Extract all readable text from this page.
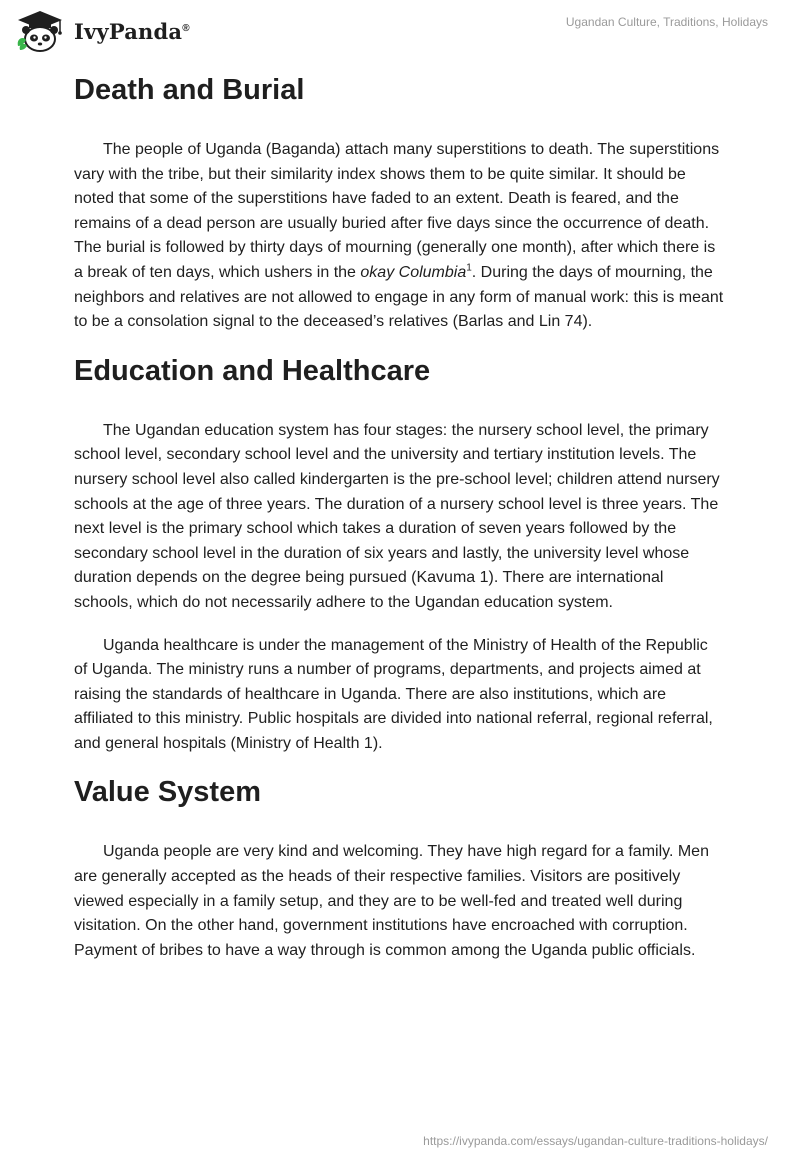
IvyPanda®	Ugandan Culture, Traditions, Holidays
Death and Burial

The people of Uganda (Baganda) attach many superstitions to death. The superstitions vary with the tribe, but their similarity index shows them to be quite similar. It should be noted that some of the superstitions have faded to an extent. Death is feared, and the remains of a dead person are usually buried after five days since the occurrence of death. The burial is followed by thirty days of mourning (generally one month), after which there is a break of ten days, which ushers in the okay Columbia$^1$. During the days of mourning, the neighbors and relatives are not allowed to engage in any form of manual work: this is meant to be a consolation signal to the deceased’s relatives (Barlas and Lin 74).

Education and Healthcare

The Ugandan education system has four stages: the nursery school level, the primary school level, secondary school level and the university and tertiary institution levels. The nursery school level also called kindergarten is the pre-school level; children attend nursery schools at the age of three years. The duration of a nursery school level is three years. The next level is the primary school which takes a duration of seven years followed by the secondary school level in the duration of six years and lastly, the university level whose duration depends on the degree being pursued (Kavuma 1). There are international schools, which do not necessarily adhere to the Ugandan education system.

Uganda healthcare is under the management of the Ministry of Health of the Republic of Uganda. The ministry runs a number of programs, departments, and projects aimed at raising the standards of healthcare in Uganda. There are also institutions, which are affiliated to this ministry. Public hospitals are divided into national referral, regional referral, and general hospitals (Ministry of Health 1).

Value System

Uganda people are very kind and welcoming. They have high regard for a family. Men are generally accepted as the heads of their respective families. Visitors are positively viewed especially in a family setup, and they are to be well-fed and treated well during visitation. On the other hand, government institutions have encroached with corruption. Payment of bribes to have a way through is common among the Uganda public officials.

https://ivypanda.com/essays/ugandan-culture-traditions-holidays/
